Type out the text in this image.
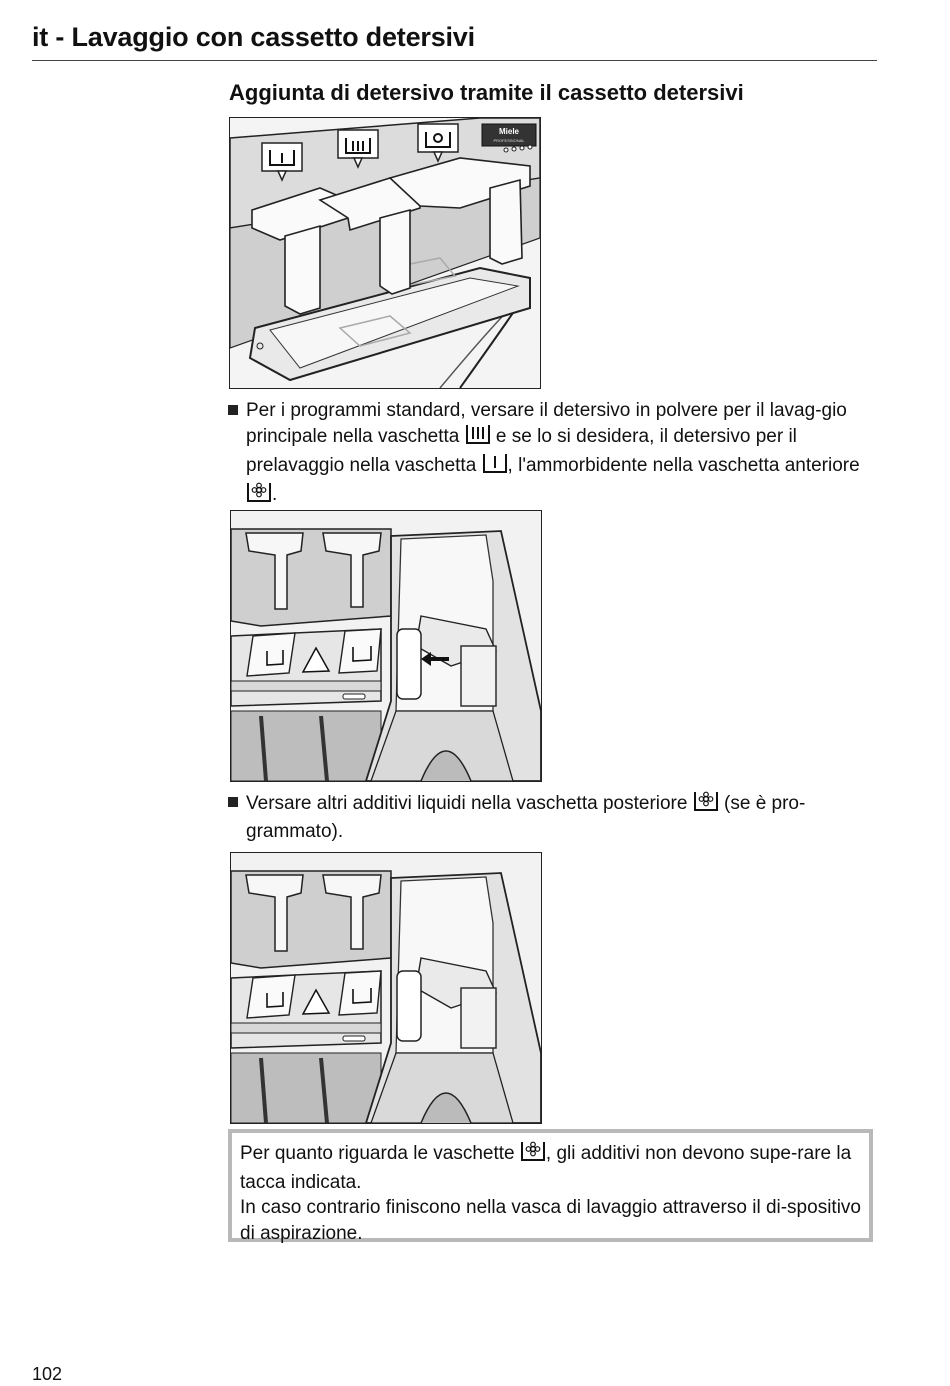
it - Lavaggio con cassetto detersivi
Aggiunta di detersivo tramite il cassetto detersivi
Miele
PROFESSIONAL
Per i programmi standard, versare il detersivo in polvere per il lavag-gio principale nella vaschetta e se lo si desidera, il detersivo per il prelavaggio nella vaschetta , l'ammorbidente nella vaschetta anteriore .
Versare altri additivi liquidi nella vaschetta posteriore (se è pro-grammato).

Per quanto riguarda le vaschette , gli additivi non devono supe-rare la tacca indicata.

In caso contrario finiscono nella vasca di lavaggio attraverso il di-spositivo di aspirazione.

102
